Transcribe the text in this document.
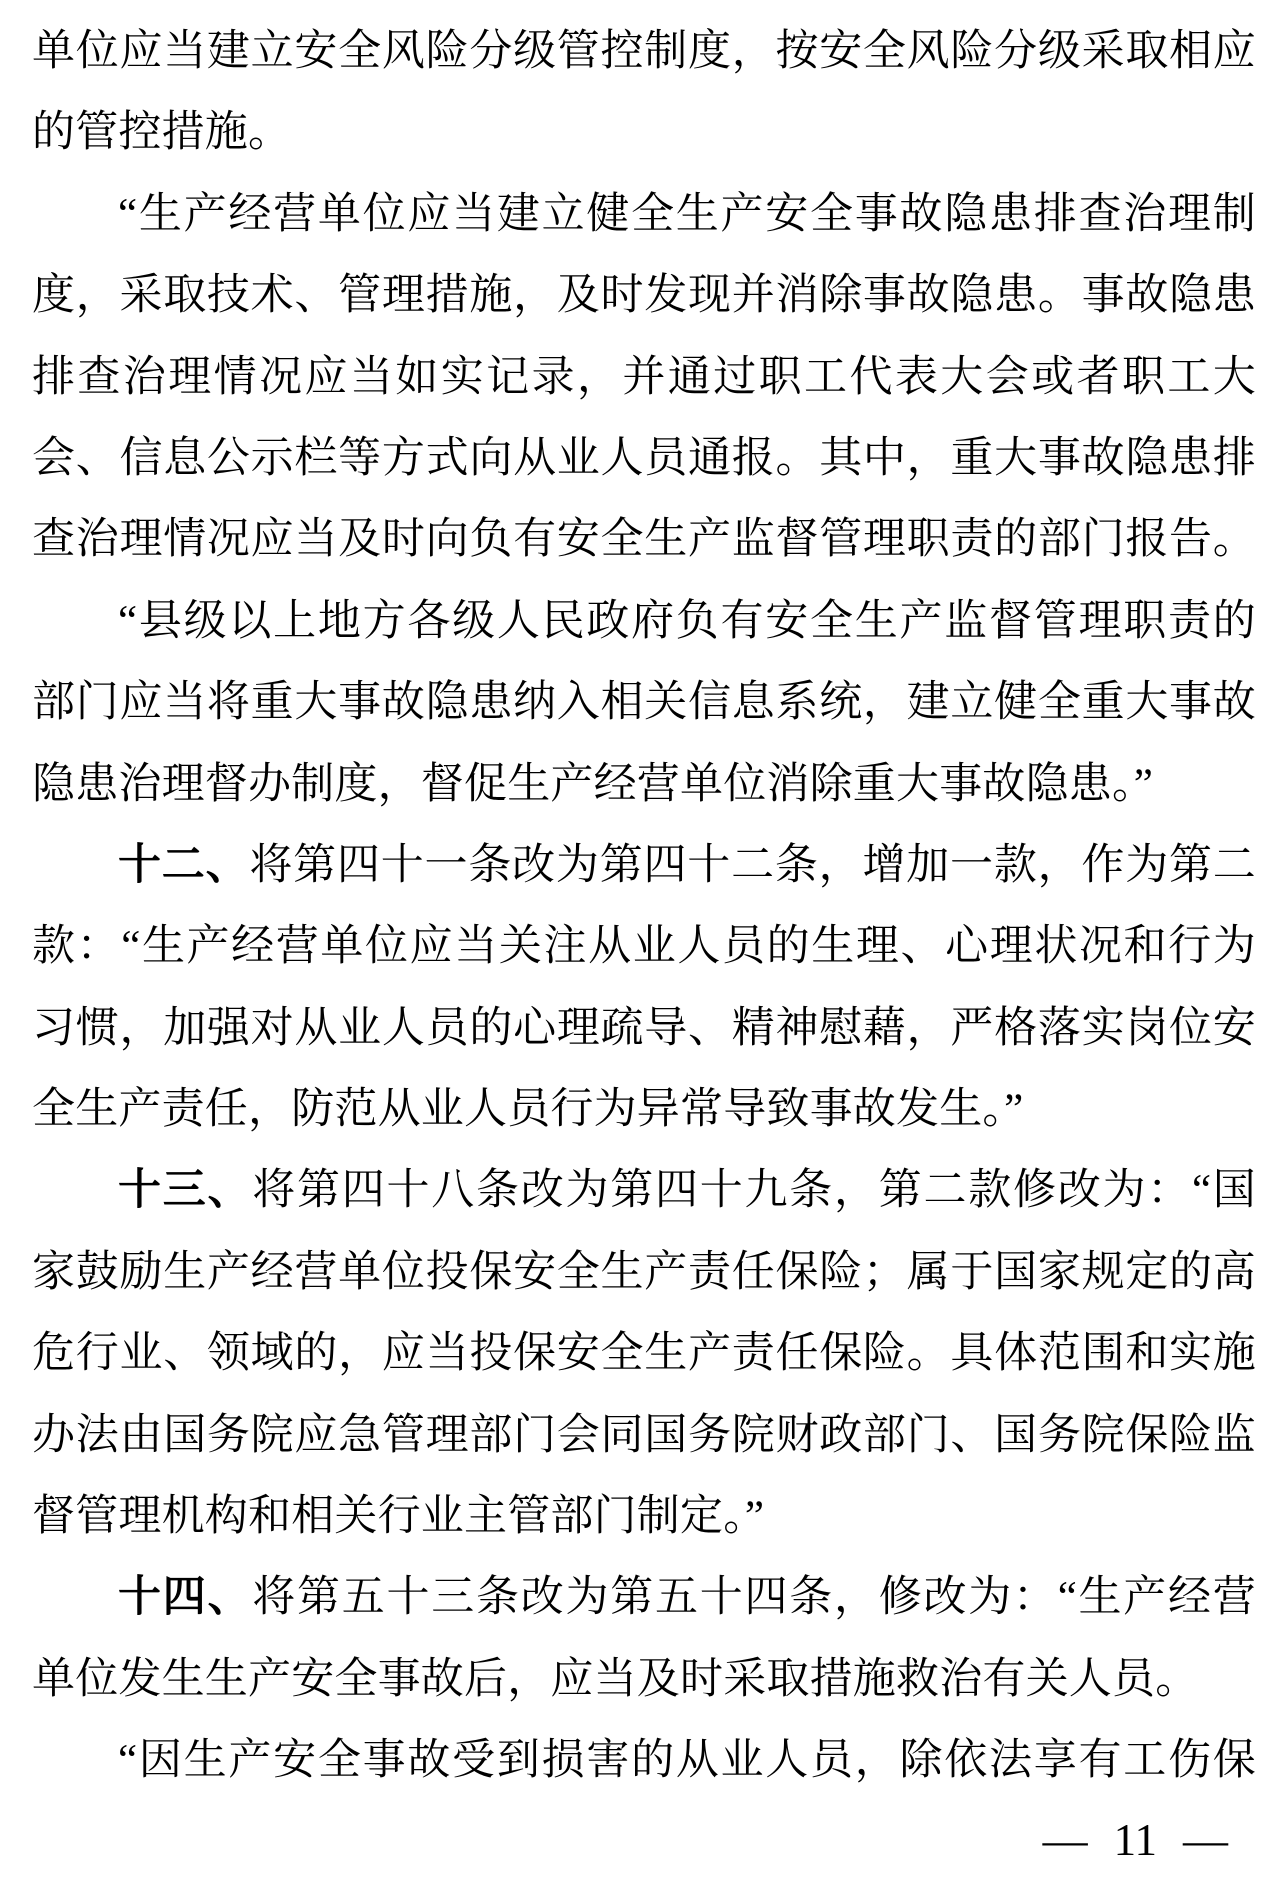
单位应当建立安全风险分级管控制度，按安全风险分级采取相应
的管控措施。
“生产经营单位应当建立健全生产安全事故隐患排查治理制
度，采取技术、管理措施，及时发现并消除事故隐患。事故隐患
排查治理情况应当如实记录，并通过职工代表大会或者职工大
会、信息公示栏等方式向从业人员通报。其中，重大事故隐患排
查治理情况应当及时向负有安全生产监督管理职责的部门报告。
“县级以上地方各级人民政府负有安全生产监督管理职责的
部门应当将重大事故隐患纳入相关信息系统，建立健全重大事故
隐患治理督办制度，督促生产经营单位消除重大事故隐患。”
十二、将第四十一条改为第四十二条，增加一款，作为第二
款：“生产经营单位应当关注从业人员的生理、心理状况和行为
习惯，加强对从业人员的心理疏导、精神慰藉，严格落实岗位安
全生产责任，防范从业人员行为异常导致事故发生。”
十三、将第四十八条改为第四十九条，第二款修改为：“国
家鼓励生产经营单位投保安全生产责任保险；属于国家规定的高
危行业、领域的，应当投保安全生产责任保险。具体范围和实施
办法由国务院应急管理部门会同国务院财政部门、国务院保险监
督管理机构和相关行业主管部门制定。”
十四、将第五十三条改为第五十四条，修改为：“生产经营
单位发生生产安全事故后，应当及时采取措施救治有关人员。
“因生产安全事故受到损害的从业人员，除依法享有工伤保
— 11 —
